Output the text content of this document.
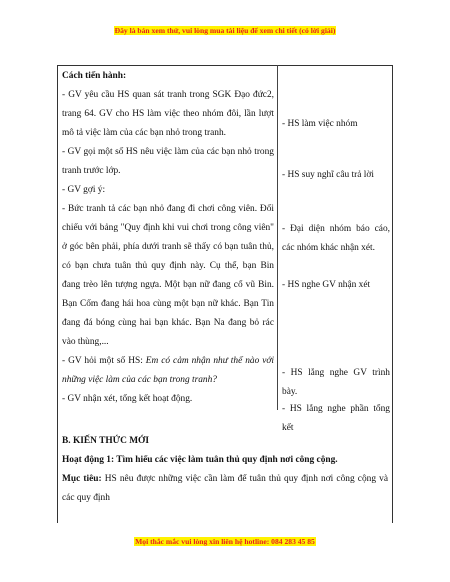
Đây là bản xem thử, vui lòng mua tài liệu để xem chi tiết (có lời giải)

Cách tiến hành:

- GV yêu cầu HS quan sát tranh trong SGK Đạo đức2, trang 64. GV cho HS làm việc theo nhóm đôi, lần lượt mô tả việc làm của các bạn nhỏ trong tranh.

- GV gọi một số HS nêu việc làm của các bạn nhỏ trong tranh trước lớp.

- GV gợi ý:

- Bức tranh tả các bạn nhỏ đang đi chơi công viên. Đối chiếu với bảng "Quy định khi vui chơi trong công viên" ở góc bên phải, phía dưới tranh sẽ thấy có bạn tuân thủ, có bạn chưa tuân thủ quy định này. Cụ thể, bạn Bin đang trèo lên tượng ngựa. Một bạn nữ đang cổ vũ Bin. Bạn Cốm đang hái hoa cùng một bạn nữ khác. Bạn Tin đang đá bóng cùng hai bạn khác. Bạn Na đang bỏ rác vào thùng,...

- GV hỏi một số HS: Em có cảm nhận như thế nào với những việc làm của các bạn trong tranh?

- GV nhận xét, tổng kết hoạt động.

- HS làm việc nhóm

- HS suy nghĩ câu trả lời

- Đại diện nhóm báo cáo, các nhóm khác nhận xét.

- HS nghe GV nhận xét

- HS lắng nghe GV trình bày.

- HS lắng nghe phần tổng kết

B. KIẾN THỨC MỚI

Hoạt động 1: Tìm hiểu các việc làm tuân thủ quy định nơi công cộng.

Mục tiêu: HS nêu được những việc cần làm để tuân thủ quy định nơi công cộng và các quy định

Mọi thắc mắc vui lòng xin liên hệ hotline: 084 283 45 85
